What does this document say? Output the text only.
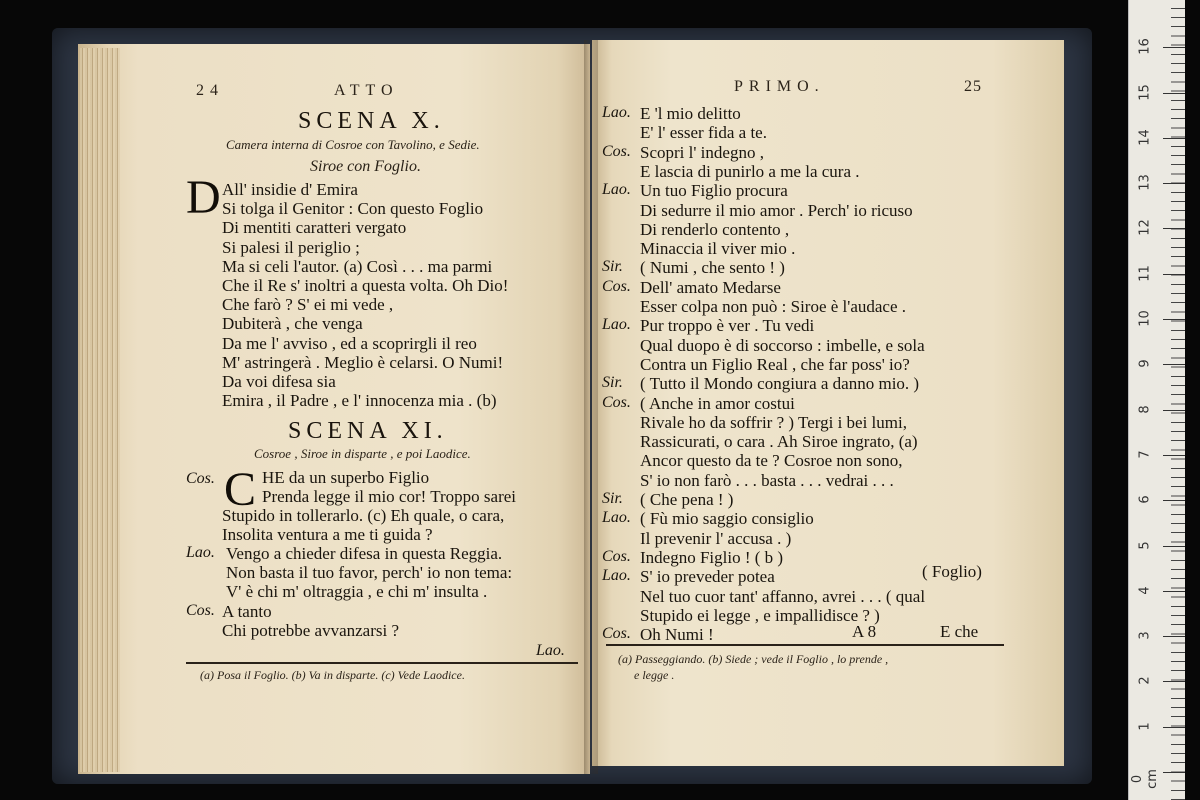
0 cm
1
2
3
4
5
6
7
8
9
10
11
12
13
14
15
16
24	ATTO
SCENA X.
Camera interna di Cosroe con Tavolino, e Sedie.
Siroe con Foglio.
D All' insidie d' Emira
Si tolga il Genitor : Con questo Foglio
Di mentiti caratteri vergato
Si palesi il periglio ;
Ma si celi l'autor. (a) Così . . . ma parmi
Che il Re s' inoltri a questa volta. Oh Dio!
Che farò ? S' ei mi vede ,
Dubiterà , che venga
Da me l' avviso , ed a scoprirgli il reo
M' astringerà . Meglio è celarsi. O Numi!
Da voi difesa sia
Emira , il Padre , e l' innocenza mia . (b)
SCENA XI.
Cosroe , Siroe in disparte , e poi Laodice.
Cos. C HE da un superbo Figlio
Prenda legge il mio cor! Troppo sarei
Stupido in tollerarlo. (c) Eh quale, o cara,
Insolita ventura a me ti guida ?
Lao. Vengo a chieder difesa in questa Reggia.
Non basta il tuo favor, perch' io non tema:
V' è chi m' oltraggia , e chi m' insulta .
Cos. A tanto
Chi potrebbe avvanzarsi ?
Lao.
(a) Posa il Foglio. (b) Va in disparte. (c) Vede Laodice.
PRIMO.	25
Lao. E 'l mio delitto
E' l' esser fida a te.
Cos. Scopri l' indegno ,
E lascia di punirlo a me la cura .
Lao. Un tuo Figlio procura
Di sedurre il mio amor . Perch' io ricuso
Di renderlo contento ,
Minaccia il viver mio .
Sir. ( Numi , che sento ! )
Cos. Dell' amato Medarse
Esser colpa non può : Siroe è l'audace .
Lao. Pur troppo è ver . Tu vedi
Qual duopo è di soccorso : imbelle, e sola
Contra un Figlio Real , che far poss' io?
Sir. ( Tutto il Mondo congiura a danno mio. )
Cos. ( Anche in amor costui
Rivale ho da soffrir ? ) Tergi i bei lumi,
Rassicurati, o cara . Ah Siroe ingrato, (a)
Ancor questo da te ? Cosroe non sono,
S' io non farò . . . basta . . . vedrai . . .
Sir. ( Che pena ! )
Lao. ( Fù mio saggio consiglio
Il prevenir l' accusa . )
Cos. Indegno Figlio ! ( b )
Lao. S' io preveder potea
Nel tuo cuor tant' affanno, avrei . . . ( qual
Stupido ei legge , e impallidisce ? )
Cos. Oh Numi !
( Foglio)
A 8	E che
(a) Passeggiando. (b) Siede ; vede il Foglio , lo prende ,
e legge .
